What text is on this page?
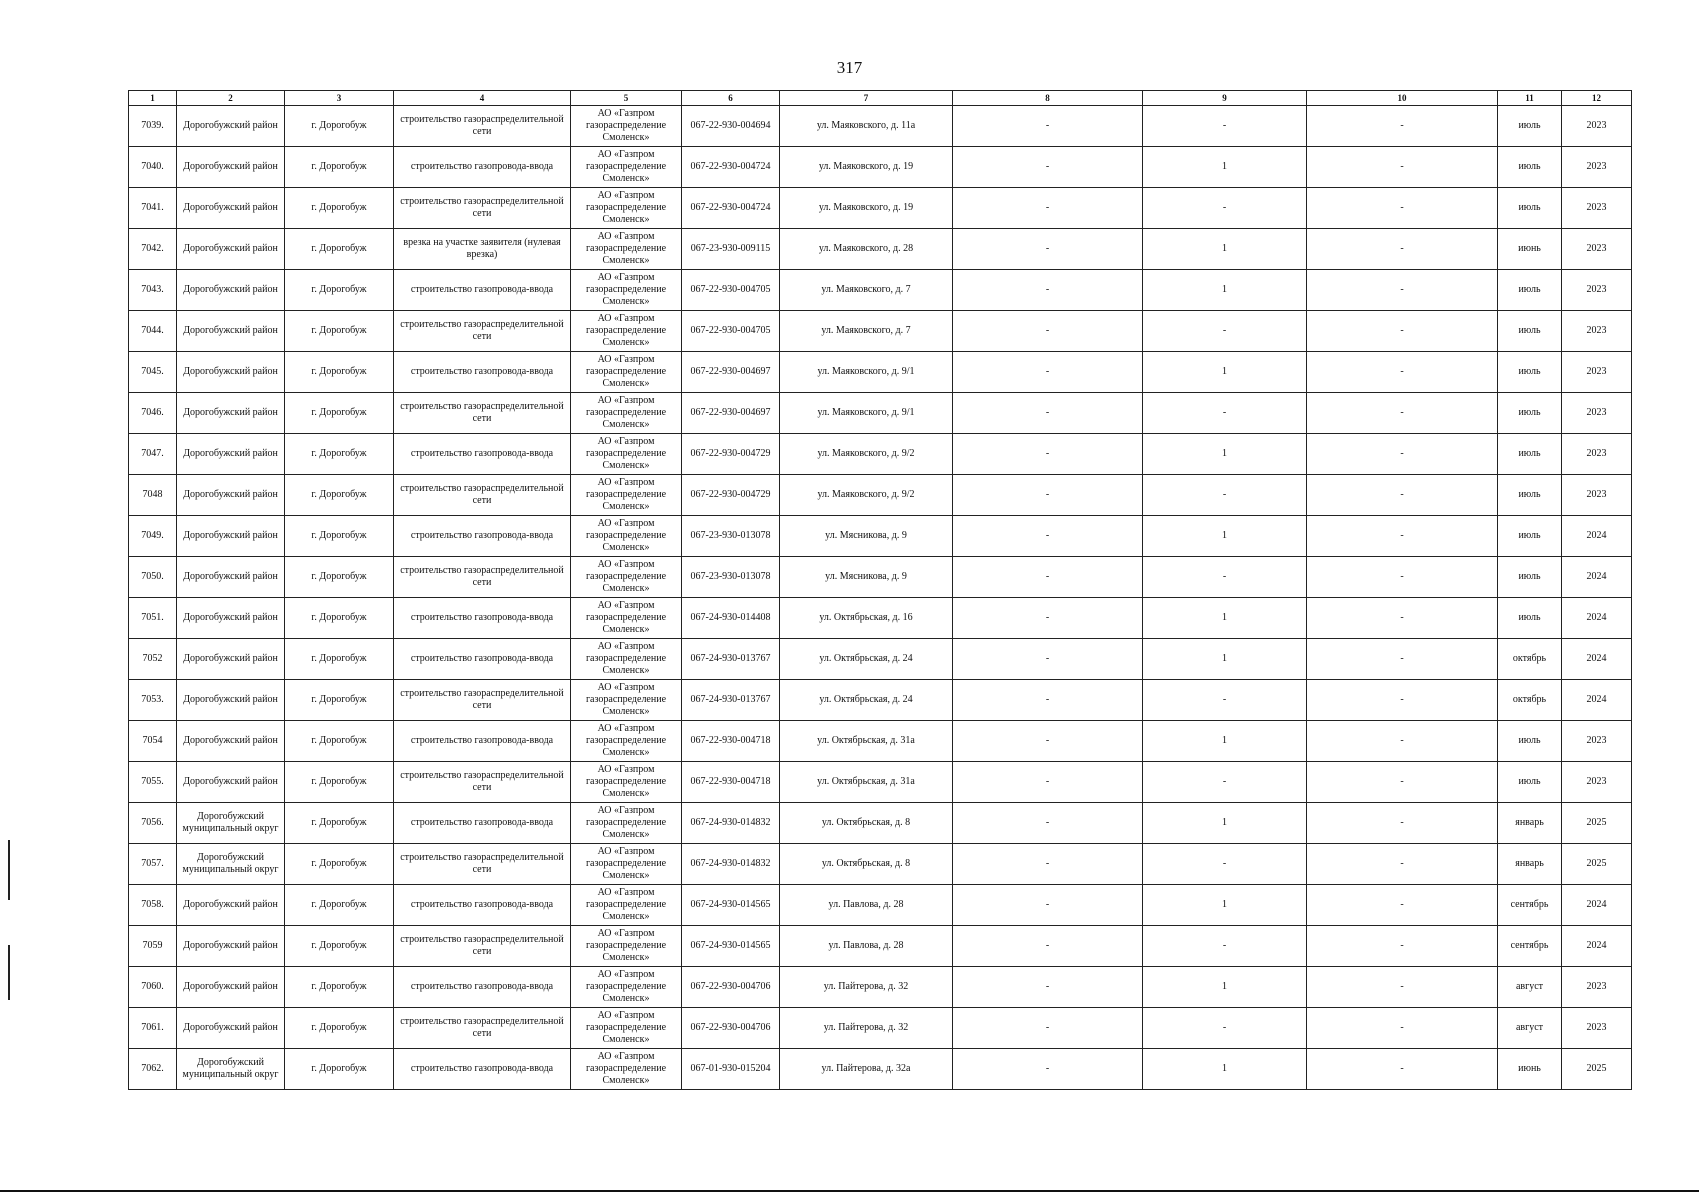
317
1	2	3	4	5	6	7	8	9	10	11	12
7039.	Дорогобужский район	г. Дорогобуж	строительство газораспределительной сети	АО «Газпром газораспределение Смоленск»	067-22-930-004694	ул. Маяковского, д. 11а	-	-	-	июль	2023
7040.	Дорогобужский район	г. Дорогобуж	строительство газопровода-ввода	АО «Газпром газораспределение Смоленск»	067-22-930-004724	ул. Маяковского, д. 19	-	1	-	июль	2023
7041.	Дорогобужский район	г. Дорогобуж	строительство газораспределительной сети	АО «Газпром газораспределение Смоленск»	067-22-930-004724	ул. Маяковского, д. 19	-	-	-	июль	2023
7042.	Дорогобужский район	г. Дорогобуж	врезка на участке заявителя (нулевая врезка)	АО «Газпром газораспределение Смоленск»	067-23-930-009115	ул. Маяковского, д. 28	-	1	-	июнь	2023
7043.	Дорогобужский район	г. Дорогобуж	строительство газопровода-ввода	АО «Газпром газораспределение Смоленск»	067-22-930-004705	ул. Маяковского, д. 7	-	1	-	июль	2023
7044.	Дорогобужский район	г. Дорогобуж	строительство газораспределительной сети	АО «Газпром газораспределение Смоленск»	067-22-930-004705	ул. Маяковского, д. 7	-	-	-	июль	2023
7045.	Дорогобужский район	г. Дорогобуж	строительство газопровода-ввода	АО «Газпром газораспределение Смоленск»	067-22-930-004697	ул. Маяковского, д. 9/1	-	1	-	июль	2023
7046.	Дорогобужский район	г. Дорогобуж	строительство газораспределительной сети	АО «Газпром газораспределение Смоленск»	067-22-930-004697	ул. Маяковского, д. 9/1	-	-	-	июль	2023
7047.	Дорогобужский район	г. Дорогобуж	строительство газопровода-ввода	АО «Газпром газораспределение Смоленск»	067-22-930-004729	ул. Маяковского, д. 9/2	-	1	-	июль	2023
7048	Дорогобужский район	г. Дорогобуж	строительство газораспределительной сети	АО «Газпром газораспределение Смоленск»	067-22-930-004729	ул. Маяковского, д. 9/2	-	-	-	июль	2023
7049.	Дорогобужский район	г. Дорогобуж	строительство газопровода-ввода	АО «Газпром газораспределение Смоленск»	067-23-930-013078	ул. Мясникова, д. 9	-	1	-	июль	2024
7050.	Дорогобужский район	г. Дорогобуж	строительство газораспределительной сети	АО «Газпром газораспределение Смоленск»	067-23-930-013078	ул. Мясникова, д. 9	-	-	-	июль	2024
7051.	Дорогобужский район	г. Дорогобуж	строительство газопровода-ввода	АО «Газпром газораспределение Смоленск»	067-24-930-014408	ул. Октябрьская, д. 16	-	1	-	июль	2024
7052	Дорогобужский район	г. Дорогобуж	строительство газопровода-ввода	АО «Газпром газораспределение Смоленск»	067-24-930-013767	ул. Октябрьская, д. 24	-	1	-	октябрь	2024
7053.	Дорогобужский район	г. Дорогобуж	строительство газораспределительной сети	АО «Газпром газораспределение Смоленск»	067-24-930-013767	ул. Октябрьская, д. 24	-	-	-	октябрь	2024
7054	Дорогобужский район	г. Дорогобуж	строительство газопровода-ввода	АО «Газпром газораспределение Смоленск»	067-22-930-004718	ул. Октябрьская, д. 31а	-	1	-	июль	2023
7055.	Дорогобужский район	г. Дорогобуж	строительство газораспределительной сети	АО «Газпром газораспределение Смоленск»	067-22-930-004718	ул. Октябрьская, д. 31а	-	-	-	июль	2023
7056.	Дорогобужский муниципальный округ	г. Дорогобуж	строительство газопровода-ввода	АО «Газпром газораспределение Смоленск»	067-24-930-014832	ул. Октябрьская, д. 8	-	1	-	январь	2025
7057.	Дорогобужский муниципальный округ	г. Дорогобуж	строительство газораспределительной сети	АО «Газпром газораспределение Смоленск»	067-24-930-014832	ул. Октябрьская, д. 8	-	-	-	январь	2025
7058.	Дорогобужский район	г. Дорогобуж	строительство газопровода-ввода	АО «Газпром газораспределение Смоленск»	067-24-930-014565	ул. Павлова, д. 28	-	1	-	сентябрь	2024
7059	Дорогобужский район	г. Дорогобуж	строительство газораспределительной сети	АО «Газпром газораспределение Смоленск»	067-24-930-014565	ул. Павлова, д. 28	-	-	-	сентябрь	2024
7060.	Дорогобужский район	г. Дорогобуж	строительство газопровода-ввода	АО «Газпром газораспределение Смоленск»	067-22-930-004706	ул. Пайтерова, д. 32	-	1	-	август	2023
7061.	Дорогобужский район	г. Дорогобуж	строительство газораспределительной сети	АО «Газпром газораспределение Смоленск»	067-22-930-004706	ул. Пайтерова, д. 32	-	-	-	август	2023
7062.	Дорогобужский муниципальный округ	г. Дорогобуж	строительство газопровода-ввода	АО «Газпром газораспределение Смоленск»	067-01-930-015204	ул. Пайтерова, д. 32а	-	1	-	июнь	2025
